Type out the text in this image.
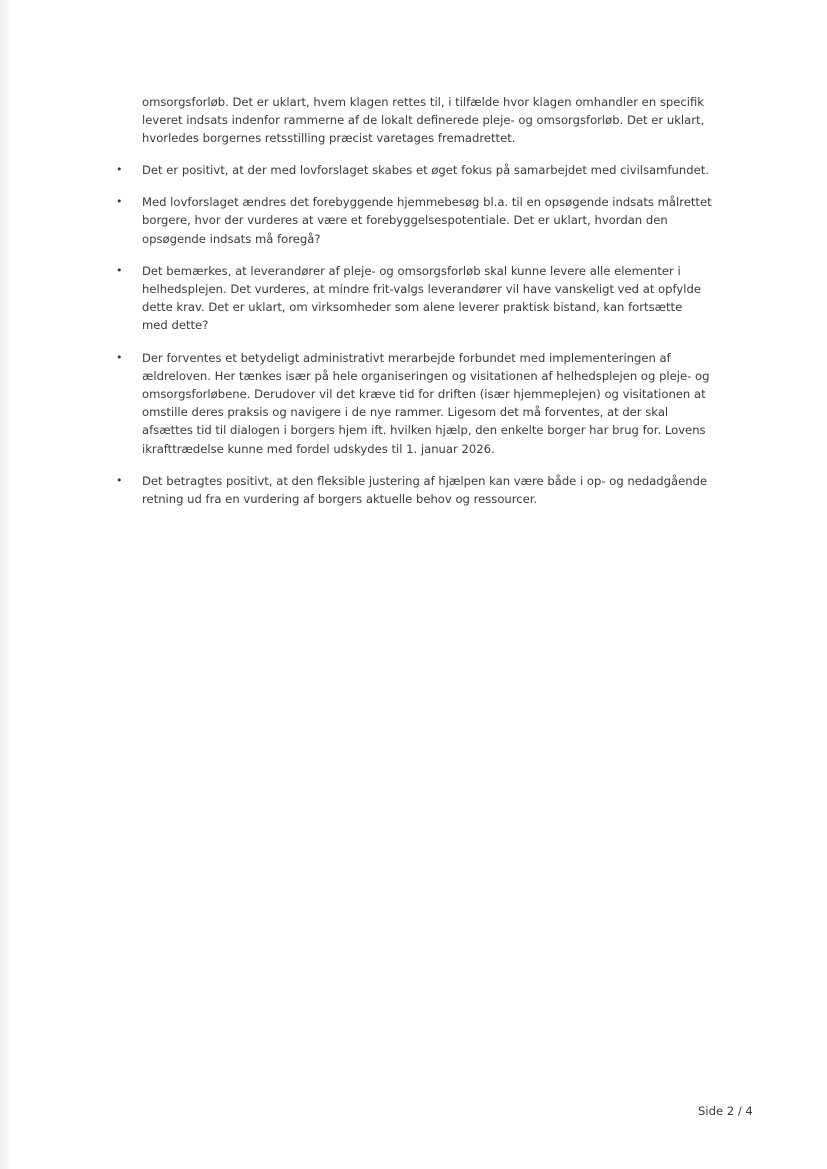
omsorgsforløb. Det er uklart, hvem klagen rettes til, i tilfælde hvor klagen omhandler en specifik
leveret indsats indenfor rammerne af de lokalt definerede pleje- og omsorgsforløb. Det er uklart,
hvorledes borgernes retsstilling præcist varetages fremadrettet.

• Det er positivt, at der med lovforslaget skabes et øget fokus på samarbejdet med civilsamfundet.
• Med lovforslaget ændres det forebyggende hjemmebesøg bl.a. til en opsøgende indsats målrettet
borgere, hvor der vurderes at være et forebyggelsespotentiale. Det er uklart, hvordan den
opsøgende indsats må foregå?
• Det bemærkes, at leverandører af pleje- og omsorgsforløb skal kunne levere alle elementer i
helhedsplejen. Det vurderes, at mindre frit-valgs leverandører vil have vanskeligt ved at opfylde
dette krav. Det er uklart, om virksomheder som alene leverer praktisk bistand, kan fortsætte
med dette?
• Der forventes et betydeligt administrativt merarbejde forbundet med implementeringen af
ældreloven. Her tænkes især på hele organiseringen og visitationen af helhedsplejen og pleje- og
omsorgsforløbene. Derudover vil det kræve tid for driften (især hjemmeplejen) og visitationen at
omstille deres praksis og navigere i de nye rammer. Ligesom det må forventes, at der skal
afsættes tid til dialogen i borgers hjem ift. hvilken hjælp, den enkelte borger har brug for. Lovens
ikrafttrædelse kunne med fordel udskydes til 1. januar 2026.
• Det betragtes positivt, at den fleksible justering af hjælpen kan være både i op- og nedadgående
retning ud fra en vurdering af borgers aktuelle behov og ressourcer.
Side 2 / 4
